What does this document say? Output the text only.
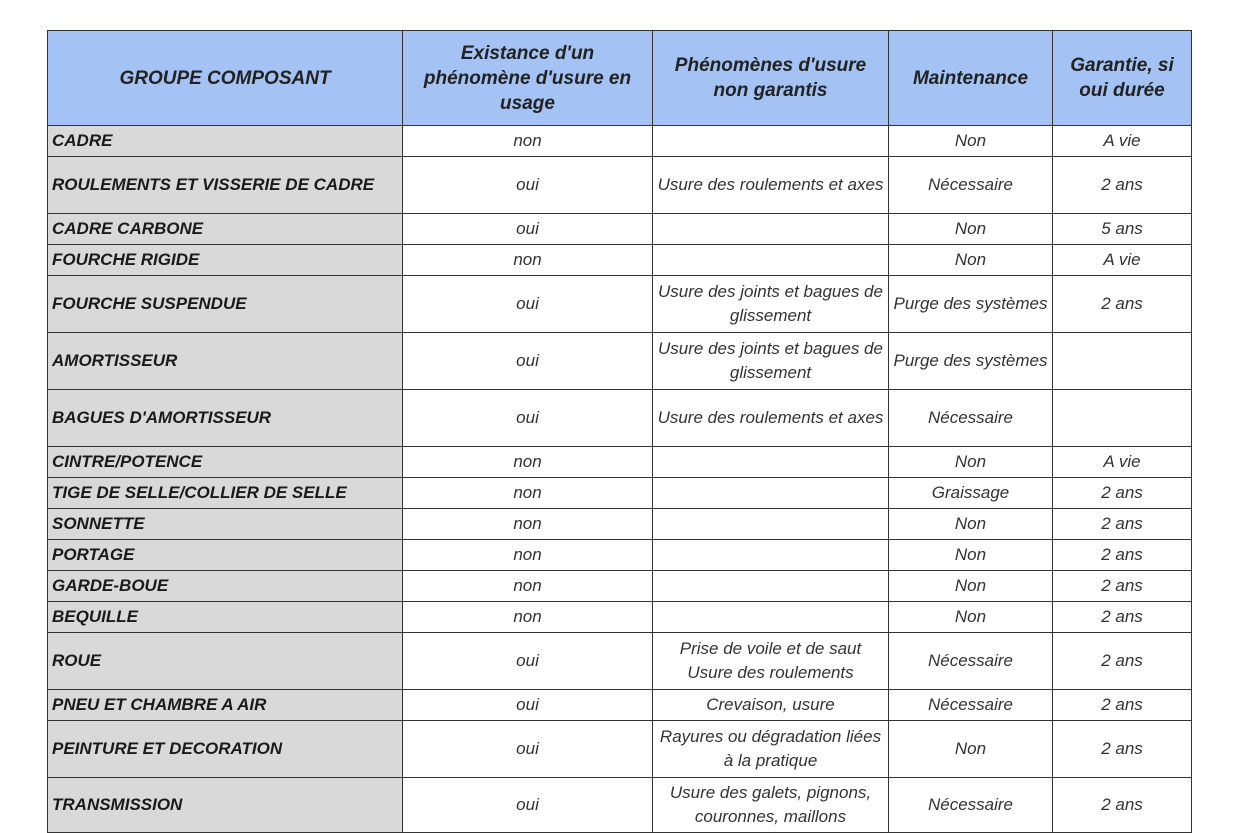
GROUPE COMPOSANT	Existance d'un phénomène d'usure en usage	Phénomènes d'usure non garantis	Maintenance	Garantie, si oui durée
CADRE	non		Non	A vie
ROULEMENTS ET VISSERIE DE CADRE	oui	Usure des roulements et axes	Nécessaire	2 ans
CADRE CARBONE	oui		Non	5 ans
FOURCHE RIGIDE	non		Non	A vie
FOURCHE SUSPENDUE	oui	Usure des joints et bagues de glissement	Purge des systèmes	2 ans
AMORTISSEUR	oui	Usure des joints et bagues de glissement	Purge des systèmes	
BAGUES D'AMORTISSEUR	oui	Usure des roulements et axes	Nécessaire	
CINTRE/POTENCE	non		Non	A vie
TIGE DE SELLE/COLLIER DE SELLE	non		Graissage	2 ans
SONNETTE	non		Non	2 ans
PORTAGE	non		Non	2 ans
GARDE-BOUE	non		Non	2 ans
BEQUILLE	non		Non	2 ans
ROUE	oui	Prise de voile et de saut Usure des roulements	Nécessaire	2 ans
PNEU ET CHAMBRE A AIR	oui	Crevaison, usure	Nécessaire	2 ans
PEINTURE ET DECORATION	oui	Rayures ou dégradation liées à la pratique	Non	2 ans
TRANSMISSION	oui	Usure des galets, pignons, couronnes, maillons	Nécessaire	2 ans
